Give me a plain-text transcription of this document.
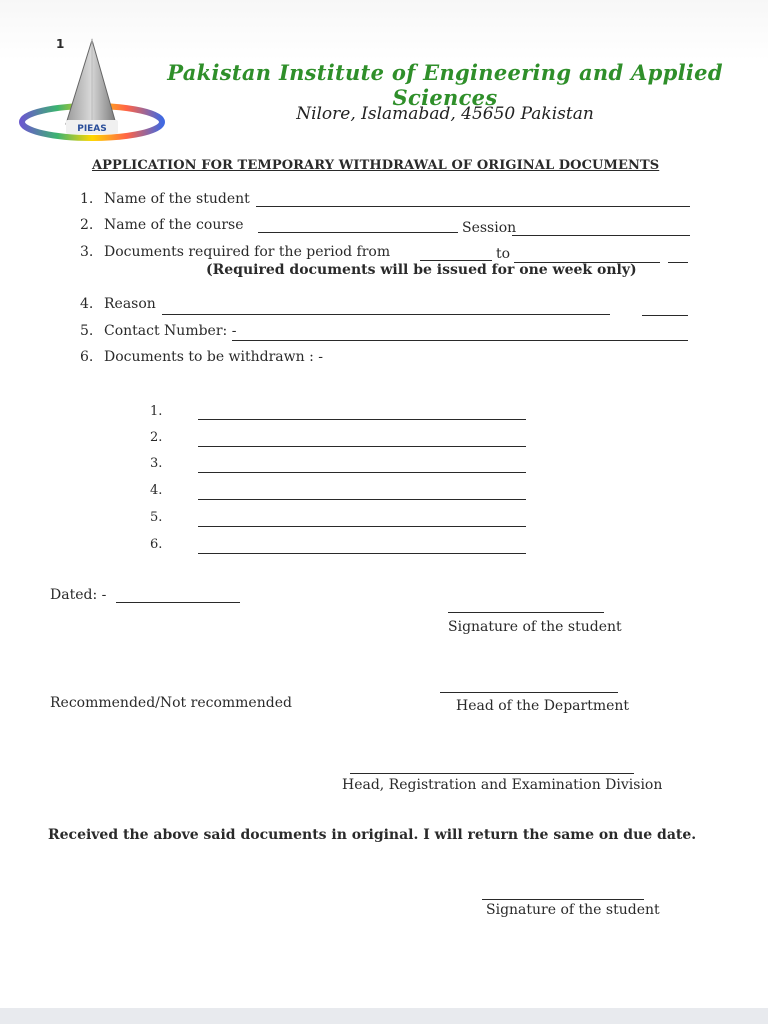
1
PIEAS
Pakistan Institute of Engineering and Applied Sciences
Nilore, Islamabad, 45650 Pakistan
APPLICATION FOR TEMPORARY WITHDRAWAL OF ORIGINAL DOCUMENTS
1. Name of the student
2. Name of the course	Session
3. Documents required for the period from	to
(Required documents will be issued for one week only)
4. Reason
5. Contact Number: -
6. Documents to be withdrawn : -
1.
2.
3.
4.
5.
6.
Dated: -
Signature of the student
Recommended/Not recommended	Head of the Department
Head, Registration and Examination Division
Received the above said documents in original. I will return the same on due date.
Signature of the student
